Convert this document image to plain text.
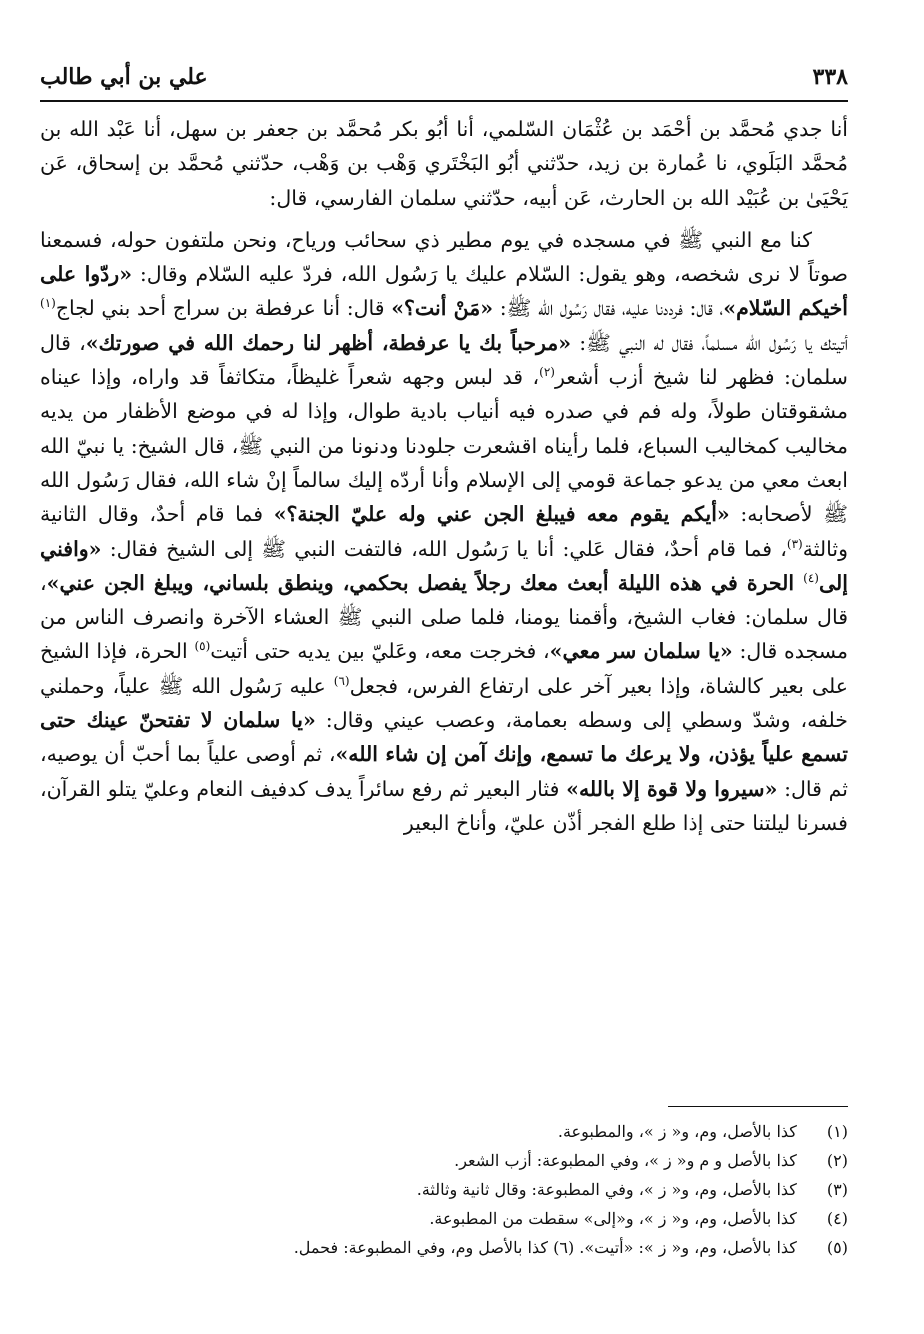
٣٣٨
علي بن أبي طالب

أنا جدي مُحمَّد بن أحْمَد بن عُثْمَان السّلمي، أنا أبُو بكر مُحمَّد بن جعفر بن سهل، أنا عَبْد الله بن مُحمَّد البَلَوي، نا عُمارة بن زيد، حدّثني أبُو البَخْتَري وَهْب بن وَهْب، حدّثني مُحمَّد بن إسحاق، عَن يَحْيَىٰ بن عُبَيْد الله بن الحارث، عَن أبيه، حدّثني سلمان الفارسي، قال:

كنا مع النبي ﷺ في مسجده في يوم مطير ذي سحائب ورياح، ونحن ملتفون حوله، فسمعنا صوتاً لا نرى شخصه، وهو يقول: السّلام عليك يا رَسُول الله، فردّ عليه السّلام وقال: «ردّوا على أخيكم السّلام»، قال: فرددنا عليه، فقال رَسُول الله ﷺ: «مَنْ أنت؟» قال: أنا عرفطة بن سراج أحد بني لجاج$^{(١)}$ أتيتك يا رَسُول الله مسلماً، فقال له النبي ﷺ: «مرحباً بك يا عرفطة، أظهر لنا رحمك الله في صورتك»، قال سلمان: فظهر لنا شيخ أزب أشعر$^{(٢)}$، قد لبس وجهه شعراً غليظاً، متكاثفاً قد واراه، وإذا عيناه مشقوقتان طولاً، وله فم في صدره فيه أنياب بادية طوال، وإذا له في موضع الأظفار من يديه مخاليب كمخاليب السباع، فلما رأيناه اقشعرت جلودنا ودنونا من النبي ﷺ، قال الشيخ: يا نبيّ الله ابعث معي من يدعو جماعة قومي إلى الإسلام وأنا أردّه إليك سالماً إنْ شاء الله، فقال رَسُول الله ﷺ لأصحابه: «أيكم يقوم معه فيبلغ الجن عني وله عليّ الجنة؟» فما قام أحدٌ، وقال الثانية وثالثة$^{(٣)}$، فما قام أحدٌ، فقال عَلي: أنا يا رَسُول الله، فالتفت النبي ﷺ إلى الشيخ فقال: «وافني إلى$^{(٤)}$ الحرة في هذه الليلة أبعث معك رجلاً يفصل بحكمي، وينطق بلساني، ويبلغ الجن عني»، قال سلمان: فغاب الشيخ، وأقمنا يومنا، فلما صلى النبي ﷺ العشاء الآخرة وانصرف الناس من مسجده قال: «يا سلمان سر معي»، فخرجت معه، وعَليّ بين يديه حتى أتيت$^{(٥)}$ الحرة، فإذا الشيخ على بعير كالشاة، وإذا بعير آخر على ارتفاع الفرس، فجعل$^{(٦)}$ عليه رَسُول الله ﷺ علياً، وحملني خلفه، وشدّ وسطي إلى وسطه بعمامة، وعصب عيني وقال: «يا سلمان لا تفتحنّ عينك حتى تسمع علياً يؤذن، ولا يرعك ما تسمع، وإنك آمن إن شاء الله»، ثم أوصى علياً بما أحبّ أن يوصيه، ثم قال: «سيروا ولا قوة إلا بالله» فثار البعير ثم رفع سائراً يدف كدفيف النعام وعليّ يتلو القرآن، فسرنا ليلتنا حتى إذا طلع الفجر أذّن عليّ، وأناخ البعير

(١) كذا بالأصل، وم، و« ز »، والمطبوعة.
(٢) كذا بالأصل و م و« ز »، وفي المطبوعة: أزب الشعر.
(٣) كذا بالأصل، وم، و« ز »، وفي المطبوعة: وقال ثانية وثالثة.
(٤) كذا بالأصل، وم، و« ز »، و«إلى» سقطت من المطبوعة.
(٥) كذا بالأصل، وم، و« ز »: «أتيت». (٦) كذا بالأصل وم، وفي المطبوعة: فحمل.
